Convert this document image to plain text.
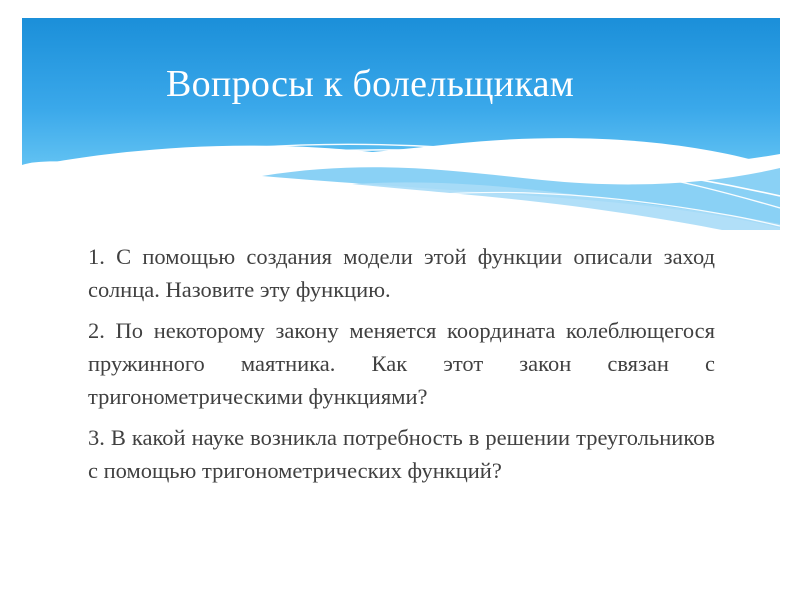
Вопросы к болельщикам

1. С помощью создания модели этой функции описали заход солнца. Назовите эту функцию.

2. По некоторому закону меняется координата колеблющегося пружинного маятника. Как этот закон связан с тригонометрическими функциями?

3. В какой науке возникла потребность в решении треугольников с помощью тригонометрических функций?
